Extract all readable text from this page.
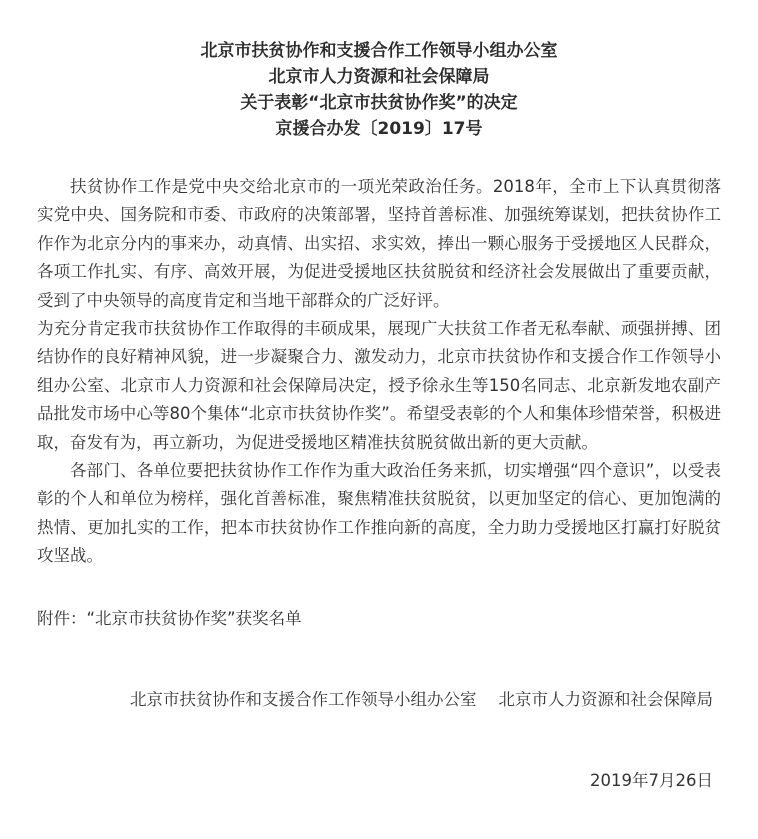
北京市扶贫协作和支援合作工作领导小组办公室
北京市人力资源和社会保障局
关于表彰“北京市扶贫协作奖”的决定
京援合办发〔2019〕17号

扶贫协作工作是党中央交给北京市的一项光荣政治任务。2018年，全市上下认真贯彻落实党中央、国务院和市委、市政府的决策部署，坚持首善标准、加强统筹谋划，把扶贫协作工作作为北京分内的事来办，动真情、出实招、求实效，捧出一颗心服务于受援地区人民群众，各项工作扎实、有序、高效开展，为促进受援地区扶贫脱贫和经济社会发展做出了重要贡献，受到了中央领导的高度肯定和当地干部群众的广泛好评。

为充分肯定我市扶贫协作工作取得的丰硕成果，展现广大扶贫工作者无私奉献、顽强拼搏、团结协作的良好精神风貌，进一步凝聚合力、激发动力，北京市扶贫协作和支援合作工作领导小组办公室、北京市人力资源和社会保障局决定，授予徐永生等150名同志、北京新发地农副产品批发市场中心等80个集体“北京市扶贫协作奖”。希望受表彰的个人和集体珍惜荣誉，积极进取，奋发有为，再立新功，为促进受援地区精准扶贫脱贫做出新的更大贡献。

各部门、各单位要把扶贫协作工作作为重大政治任务来抓，切实增强“四个意识”，以受表彰的个人和单位为榜样，强化首善标准，聚焦精准扶贫脱贫，以更加坚定的信心、更加饱满的热情、更加扎实的工作，把本市扶贫协作工作推向新的高度，全力助力受援地区打赢打好脱贫攻坚战。

附件：“北京市扶贫协作奖”获奖名单
北京市扶贫协作和支援合作工作领导小组办公室 北京市人力资源和社会保障局
2019年7月26日
